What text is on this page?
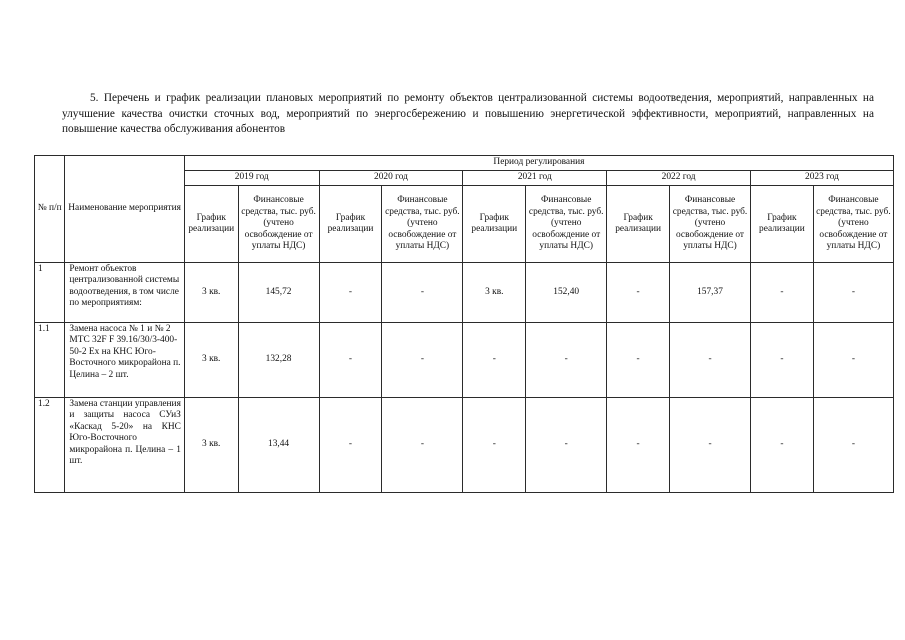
5. Перечень и график реализации плановых мероприятий по ремонту объектов централизованной системы водоотведения, мероприятий, направленных на улучшение качества очистки сточных вод, мероприятий по энергосбережению и повышению энергетической эффективности, мероприятий, направленных на повышение качества обслуживания абонентов
№ п/п	Наименование мероприятия	Период регулирования									
		2019 год		2020 год		2021 год		2022 год		2023 год	
		График реализации	Финансовые средства, тыс. руб. (учтено освобождение от уплаты НДС)	График реализации	Финансовые средства, тыс. руб. (учтено освобождение от уплаты НДС)	График реализации	Финансовые средства, тыс. руб. (учтено освобождение от уплаты НДС)	График реализации	Финансовые средства, тыс. руб. (учтено освобождение от уплаты НДС)	График реализации	Финансовые средства, тыс. руб. (учтено освобождение от уплаты НДС)
1	Ремонт объектов централизованной системы водоотведения, в том числе по мероприятиям:	3 кв.	145,72	-	-	3 кв.	152,40	-	157,37	-	-
1.1	Замена насоса № 1 и № 2 МТС 32F F 39.16/30/3-400-50-2 Ex на КНС Юго-Восточного микрорайона п. Целина – 2 шт.	3 кв.	132,28	-	-	-	-	-	-	-	-
1.2	Замена станции управления и защиты насоса СУиЗ «Каскад 5-20» на КНС Юго-Восточного микрорайона п. Целина – 1 шт.	3 кв.	13,44	-	-	-	-	-	-	-	-
